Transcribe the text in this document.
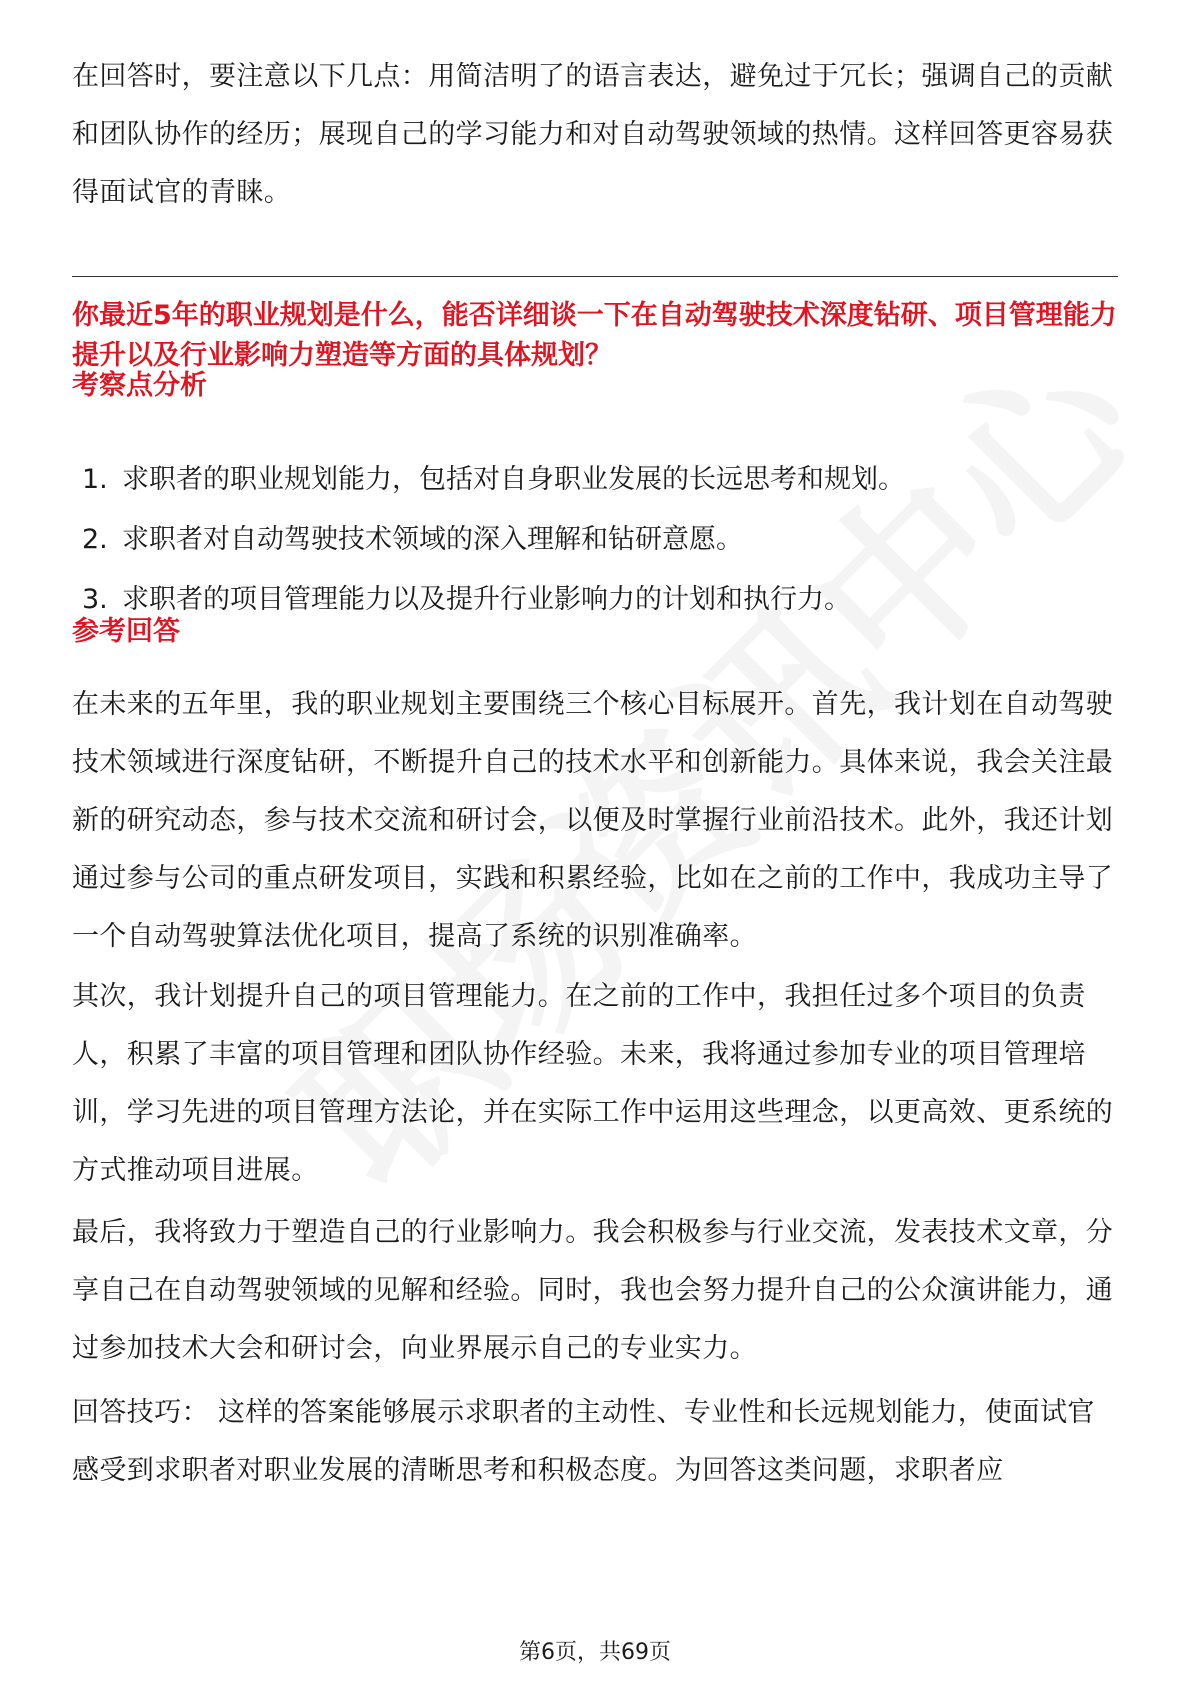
在回答时，要注意以下几点：用简洁明了的语言表达，避免过于冗长；强调自己的贡献和团队协作的经历；展现自己的学习能力和对自动驾驶领域的热情。这样回答更容易获得面试官的青睐。

你最近5年的职业规划是什么，能否详细谈一下在自动驾驶技术深度钻研、项目管理能力提升以及行业影响力塑造等方面的具体规划？

考察点分析

1. 求职者的职业规划能力，包括对自身职业发展的长远思考和规划。
2. 求职者对自动驾驶技术领域的深入理解和钻研意愿。
3. 求职者的项目管理能力以及提升行业影响力的计划和执行力。

参考回答

在未来的五年里，我的职业规划主要围绕三个核心目标展开。首先，我计划在自动驾驶技术领域进行深度钻研，不断提升自己的技术水平和创新能力。具体来说，我会关注最新的研究动态，参与技术交流和研讨会，以便及时掌握行业前沿技术。此外，我还计划通过参与公司的重点研发项目，实践和积累经验，比如在之前的工作中，我成功主导了一个自动驾驶算法优化项目，提高了系统的识别准确率。

其次，我计划提升自己的项目管理能力。在之前的工作中，我担任过多个项目的负责人，积累了丰富的项目管理和团队协作经验。未来，我将通过参加专业的项目管理培训，学习先进的项目管理方法论，并在实际工作中运用这些理念，以更高效、更系统的方式推动项目进展。

最后，我将致力于塑造自己的行业影响力。我会积极参与行业交流，发表技术文章，分享自己在自动驾驶领域的见解和经验。同时，我也会努力提升自己的公众演讲能力，通过参加技术大会和研讨会，向业界展示自己的专业实力。

回答技巧： 这样的答案能够展示求职者的主动性、专业性和长远规划能力，使面试官感受到求职者对职业发展的清晰思考和积极态度。为回答这类问题，求职者应

第6页，共69页
